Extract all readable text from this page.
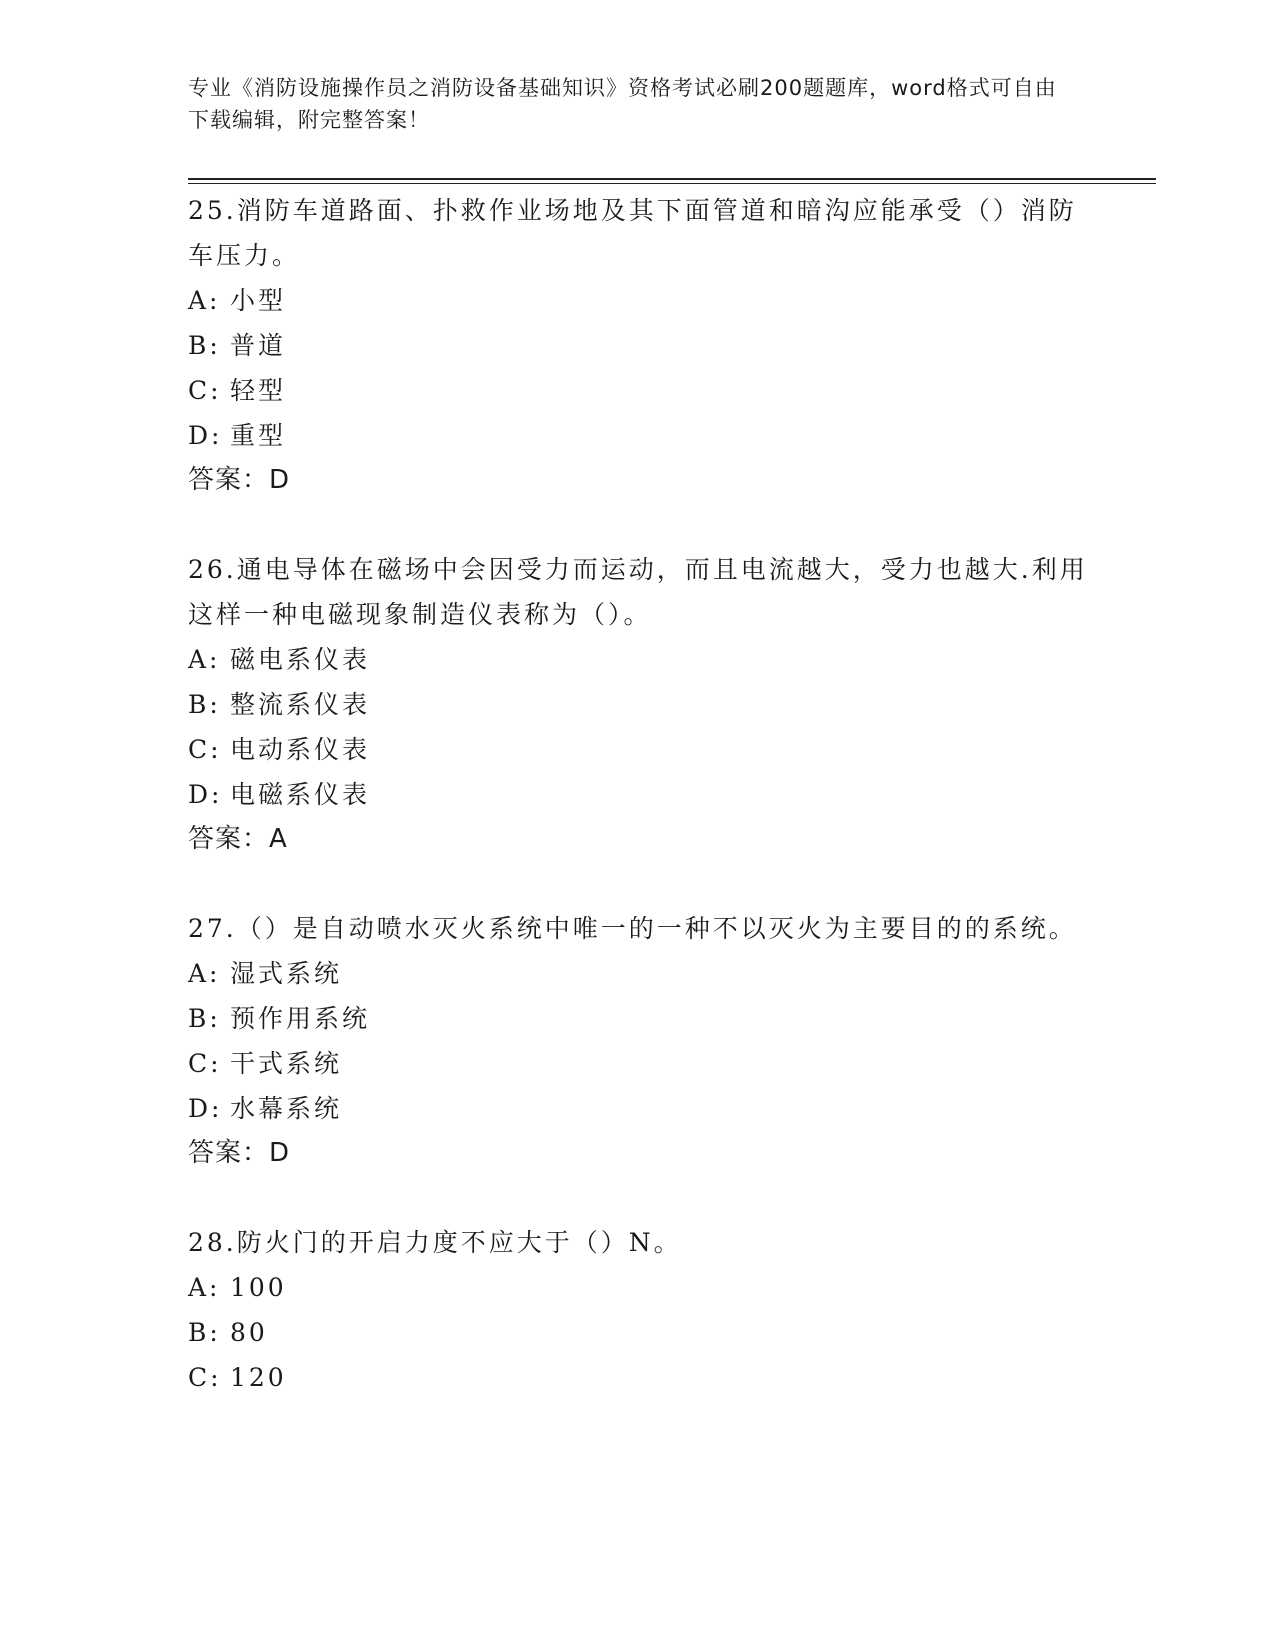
专业《消防设施操作员之消防设备基础知识》资格考试必刷200题题库，word格式可自由下载编辑，附完整答案！

25.消防车道路面、扑救作业场地及其下面管道和暗沟应能承受（）消防车压力。

A: 小型

B: 普道

C: 轻型

D: 重型

答案：D

26.通电导体在磁场中会因受力而运动，而且电流越大，受力也越大.利用这样一种电磁现象制造仪表称为（）。

A: 磁电系仪表

B: 整流系仪表

C: 电动系仪表

D: 电磁系仪表

答案：A

27.（）是自动喷水灭火系统中唯一的一种不以灭火为主要目的的系统。

A: 湿式系统

B: 预作用系统

C: 干式系统

D: 水幕系统

答案：D

28.防火门的开启力度不应大于（）N。

A: 100

B: 80

C: 120
